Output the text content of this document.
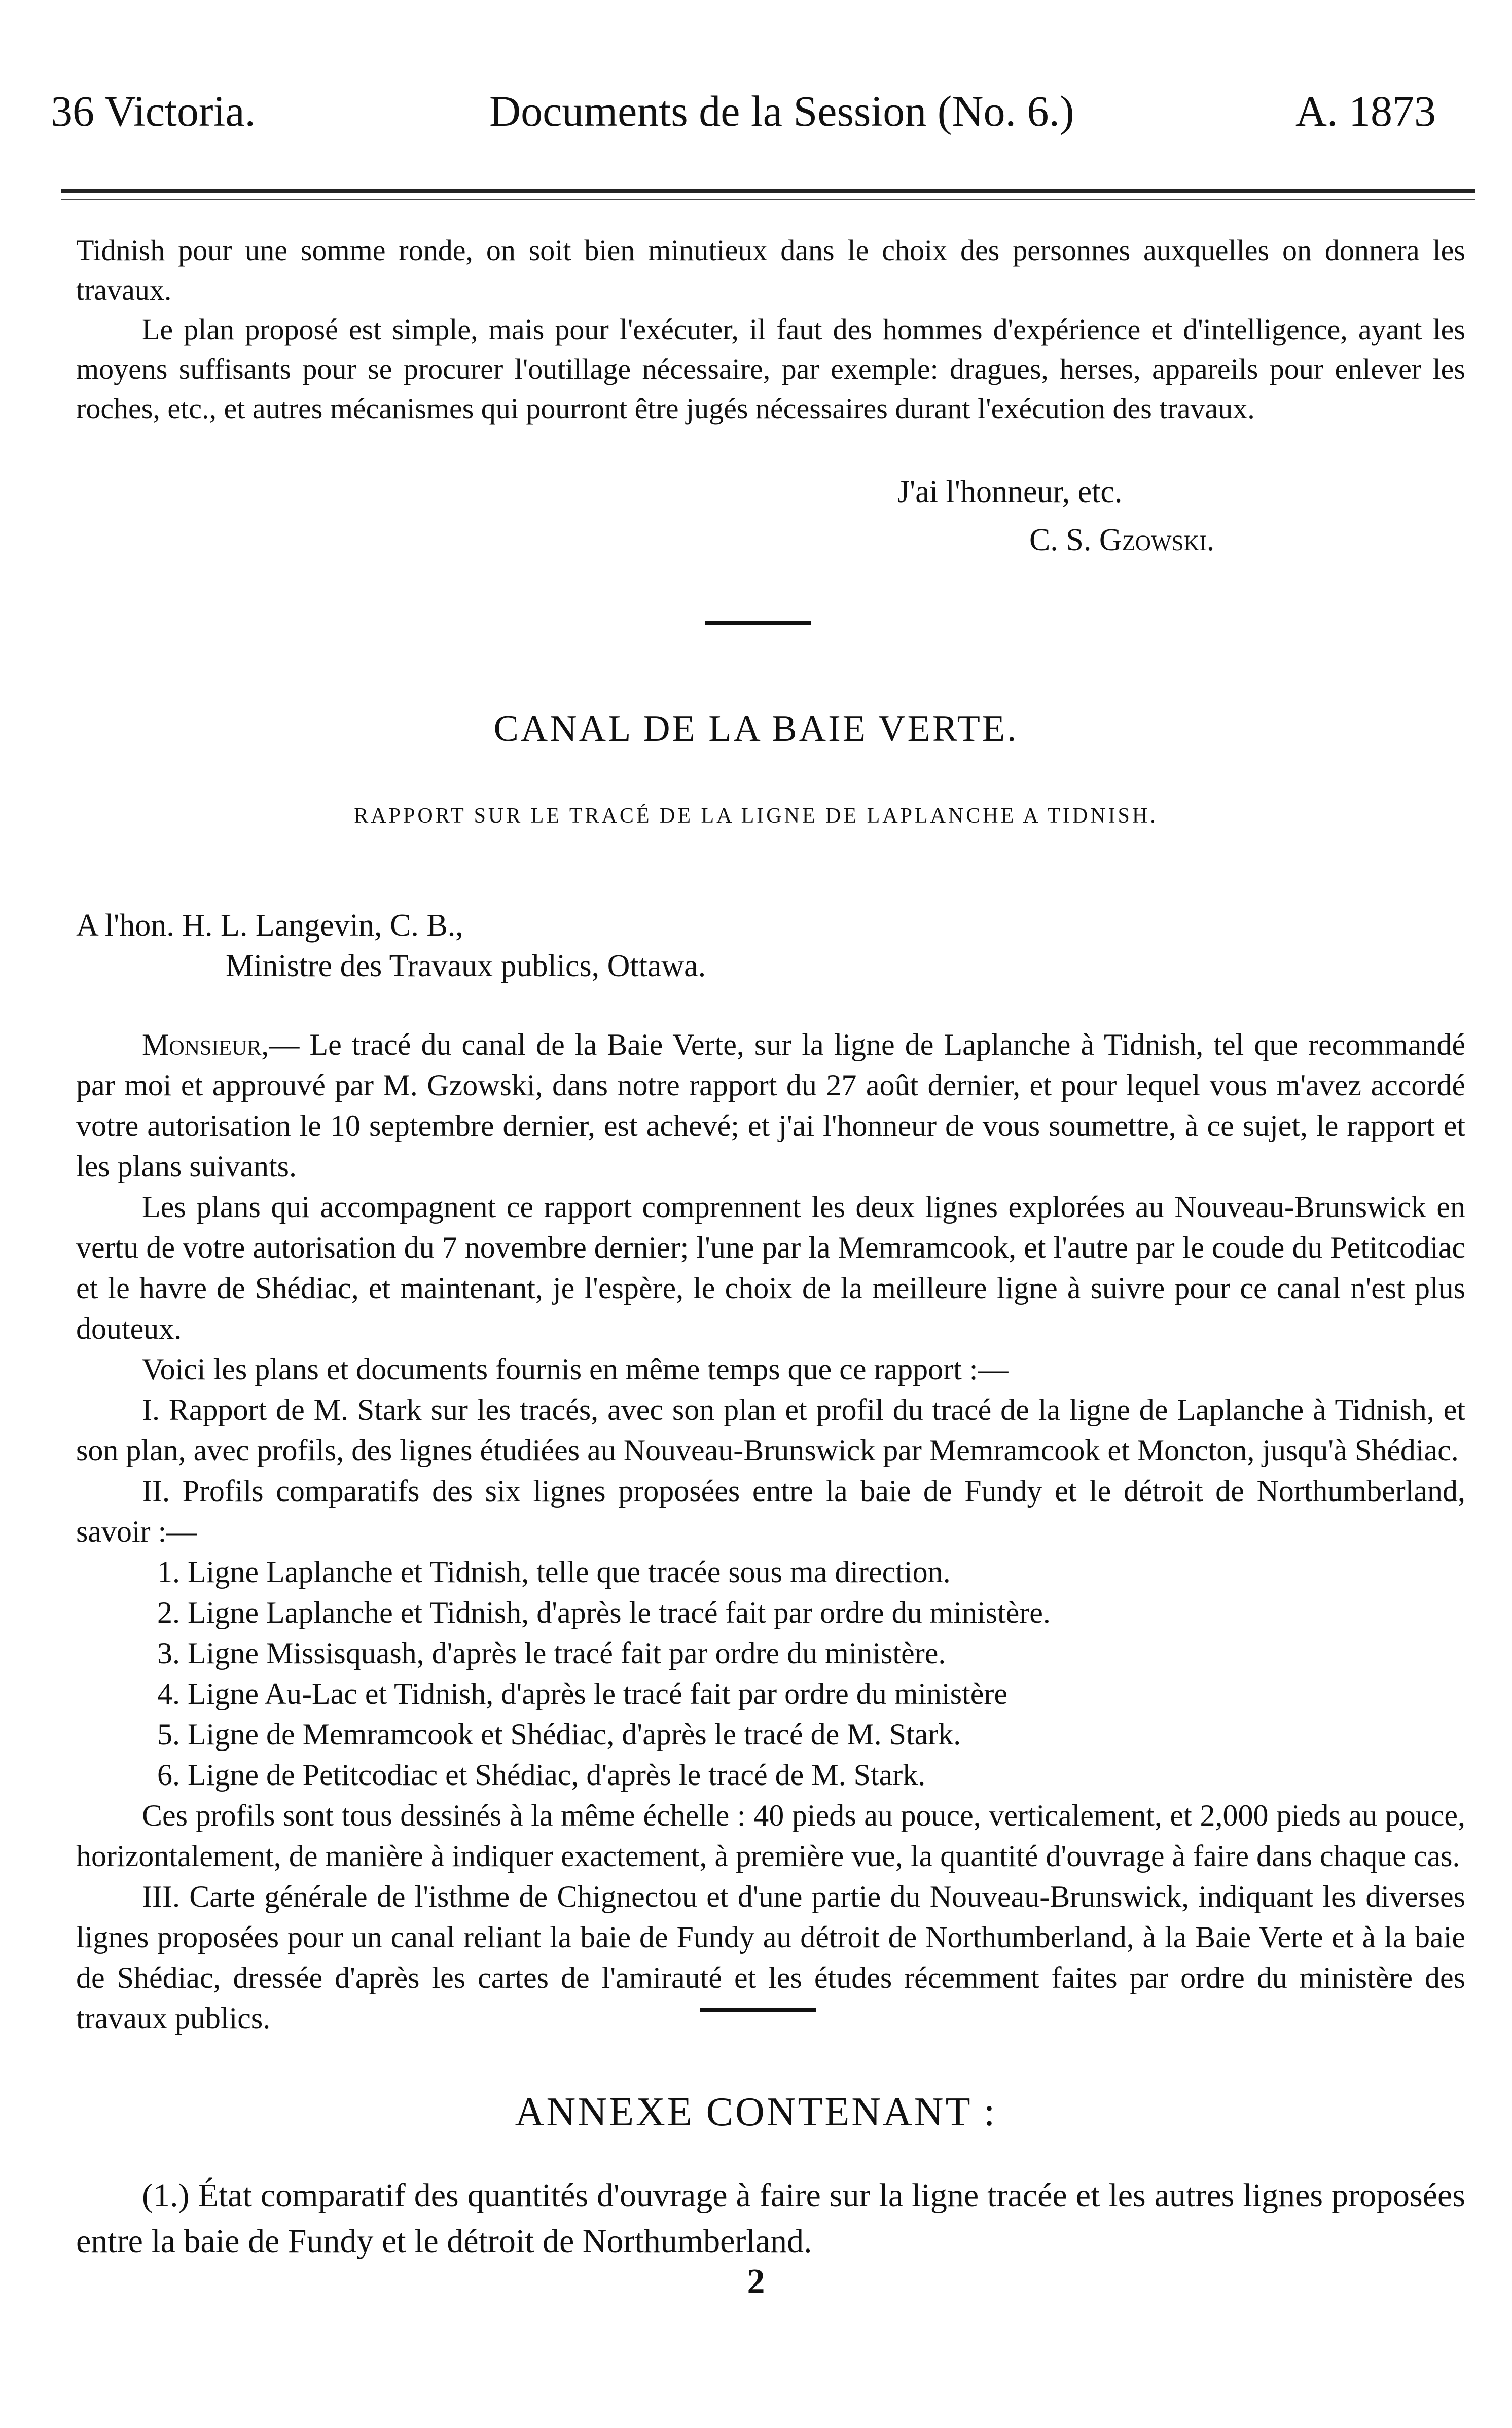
36 Victoria.	Documents de la Session (No. 6.)	A. 1873

Tidnish pour une somme ronde, on soit bien minutieux dans le choix des personnes auxquelles on donnera les travaux.

Le plan proposé est simple, mais pour l'exécuter, il faut des hommes d'expérience et d'intelligence, ayant les moyens suffisants pour se procurer l'outillage nécessaire, par exemple: dragues, herses, appareils pour enlever les roches, etc., et autres mécanismes qui pourront être jugés nécessaires durant l'exécution des travaux.

J'ai l'honneur, etc.
C. S. Gzowski.
CANAL DE LA BAIE VERTE.
RAPPORT SUR LE TRACÉ DE LA LIGNE DE LAPLANCHE A TIDNISH.
A l'hon. H. L. Langevin, C. B.,
Ministre des Travaux publics, Ottawa.

Monsieur,— Le tracé du canal de la Baie Verte, sur la ligne de Laplanche à Tidnish, tel que recommandé par moi et approuvé par M. Gzowski, dans notre rapport du 27 août dernier, et pour lequel vous m'avez accordé votre autorisation le 10 septembre dernier, est achevé; et j'ai l'honneur de vous soumettre, à ce sujet, le rapport et les plans suivants.

Les plans qui accompagnent ce rapport comprennent les deux lignes explorées au Nouveau-Brunswick en vertu de votre autorisation du 7 novembre dernier; l'une par la Memramcook, et l'autre par le coude du Petitcodiac et le havre de Shédiac, et maintenant, je l'espère, le choix de la meilleure ligne à suivre pour ce canal n'est plus douteux.

Voici les plans et documents fournis en même temps que ce rapport :—

I. Rapport de M. Stark sur les tracés, avec son plan et profil du tracé de la ligne de Laplanche à Tidnish, et son plan, avec profils, des lignes étudiées au Nouveau-Brunswick par Memramcook et Moncton, jusqu'à Shédiac.

II. Profils comparatifs des six lignes proposées entre la baie de Fundy et le détroit de Northumberland, savoir :—

1. Ligne Laplanche et Tidnish, telle que tracée sous ma direction.
2. Ligne Laplanche et Tidnish, d'après le tracé fait par ordre du ministère.
3. Ligne Missisquash, d'après le tracé fait par ordre du ministère.
4. Ligne Au-Lac et Tidnish, d'après le tracé fait par ordre du ministère
5. Ligne de Memramcook et Shédiac, d'après le tracé de M. Stark.
6. Ligne de Petitcodiac et Shédiac, d'après le tracé de M. Stark.

Ces profils sont tous dessinés à la même échelle : 40 pieds au pouce, verticalement, et 2,000 pieds au pouce, horizontalement, de manière à indiquer exactement, à première vue, la quantité d'ouvrage à faire dans chaque cas.

III. Carte générale de l'isthme de Chignectou et d'une partie du Nouveau-Brunswick, indiquant les diverses lignes proposées pour un canal reliant la baie de Fundy au détroit de Northumberland, à la Baie Verte et à la baie de Shédiac, dressée d'après les cartes de l'amirauté et les études récemment faites par ordre du ministère des travaux publics.

ANNEXE CONTENANT :

(1.) État comparatif des quantités d'ouvrage à faire sur la ligne tracée et les autres lignes proposées entre la baie de Fundy et le détroit de Northumberland.

2
